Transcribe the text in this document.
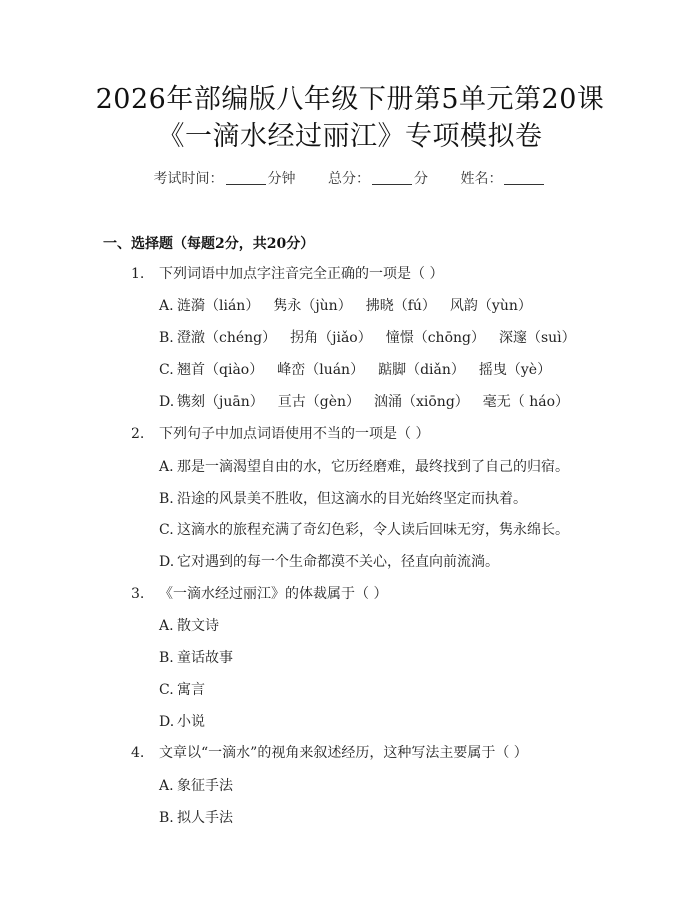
2026年部编版八年级下册第5单元第20课
《一滴水经过丽江》专项模拟卷
考试时间：	分钟 总分：	分 姓名：
一、选择题（每题2分，共20分）
1. 下列词语中加点字注音完全正确的一项是（ ）
A. 涟漪（lián） 隽永（jùn） 拂晓（fú） 风韵（yùn）
B. 澄澈（chéng） 拐角（jiǎo） 憧憬（chōng） 深邃（suì）
C. 翘首（qiào） 峰峦（luán） 踮脚（diǎn） 摇曳（yè）
D. 镌刻（juān） 亘古（gèn） 汹涌（xiōng） 毫无（ háo）
2. 下列句子中加点词语使用不当的一项是（ ）
A. 那是一滴渴望自由的水，它历经磨难，最终找到了自己的归宿。
B. 沿途的风景美不胜收，但这滴水的目光始终坚定而执着。
C. 这滴水的旅程充满了奇幻色彩，令人读后回味无穷，隽永绵长。
D. 它对遇到的每一个生命都漠不关心，径直向前流淌。
3. 《一滴水经过丽江》的体裁属于（ ）
A. 散文诗
B. 童话故事
C. 寓言
D. 小说
4. 文章以“一滴水”的视角来叙述经历，这种写法主要属于（ ）
A. 象征手法
B. 拟人手法
